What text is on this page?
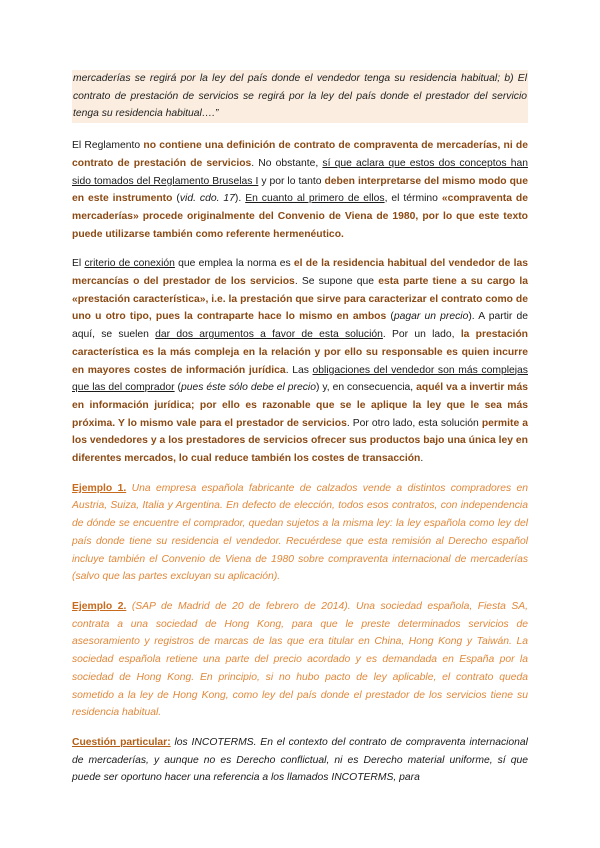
mercaderías se regirá por la ley del país donde el vendedor tenga su residencia habitual; b) El contrato de prestación de servicios se regirá por la ley del país donde el prestador del servicio tenga su residencia habitual….”

El Reglamento no contiene una definición de contrato de compraventa de mercaderías, ni de contrato de prestación de servicios. No obstante, sí que aclara que estos dos conceptos han sido tomados del Reglamento Bruselas I y por lo tanto deben interpretarse del mismo modo que en este instrumento (vid. cdo. 17). En cuanto al primero de ellos, el término «compraventa de mercaderías» procede originalmente del Convenio de Viena de 1980, por lo que este texto puede utilizarse también como referente hermenéutico.

El criterio de conexión que emplea la norma es el de la residencia habitual del vendedor de las mercancías o del prestador de los servicios. Se supone que esta parte tiene a su cargo la «prestación característica», i.e. la prestación que sirve para caracterizar el contrato como de uno u otro tipo, pues la contraparte hace lo mismo en ambos (pagar un precio). A partir de aquí, se suelen dar dos argumentos a favor de esta solución. Por un lado, la prestación característica es la más compleja en la relación y por ello su responsable es quien incurre en mayores costes de información jurídica. Las obligaciones del vendedor son más complejas que las del comprador (pues éste sólo debe el precio) y, en consecuencia, aquél va a invertir más en información jurídica; por ello es razonable que se le aplique la ley que le sea más próxima. Y lo mismo vale para el prestador de servicios. Por otro lado, esta solución permite a los vendedores y a los prestadores de servicios ofrecer sus productos bajo una única ley en diferentes mercados, lo cual reduce también los costes de transacción.

Ejemplo 1. Una empresa española fabricante de calzados vende a distintos compradores en Austria, Suiza, Italia y Argentina. En defecto de elección, todos esos contratos, con independencia de dónde se encuentre el comprador, quedan sujetos a la misma ley: la ley española como ley del país donde tiene su residencia el vendedor. Recuérdese que esta remisión al Derecho español incluye también el Convenio de Viena de 1980 sobre compraventa internacional de mercaderías (salvo que las partes excluyan su aplicación).

Ejemplo 2. (SAP de Madrid de 20 de febrero de 2014). Una sociedad española, Fiesta SA, contrata a una sociedad de Hong Kong, para que le preste determinados servicios de asesoramiento y registros de marcas de las que era titular en China, Hong Kong y Taiwán. La sociedad española retiene una parte del precio acordado y es demandada en España por la sociedad de Hong Kong. En principio, si no hubo pacto de ley aplicable, el contrato queda sometido a la ley de Hong Kong, como ley del país donde el prestador de los servicios tiene su residencia habitual.

Cuestión particular: los INCOTERMS. En el contexto del contrato de compraventa internacional de mercaderías, y aunque no es Derecho conflictual, ni es Derecho material uniforme, sí que puede ser oportuno hacer una referencia a los llamados INCOTERMS, para
